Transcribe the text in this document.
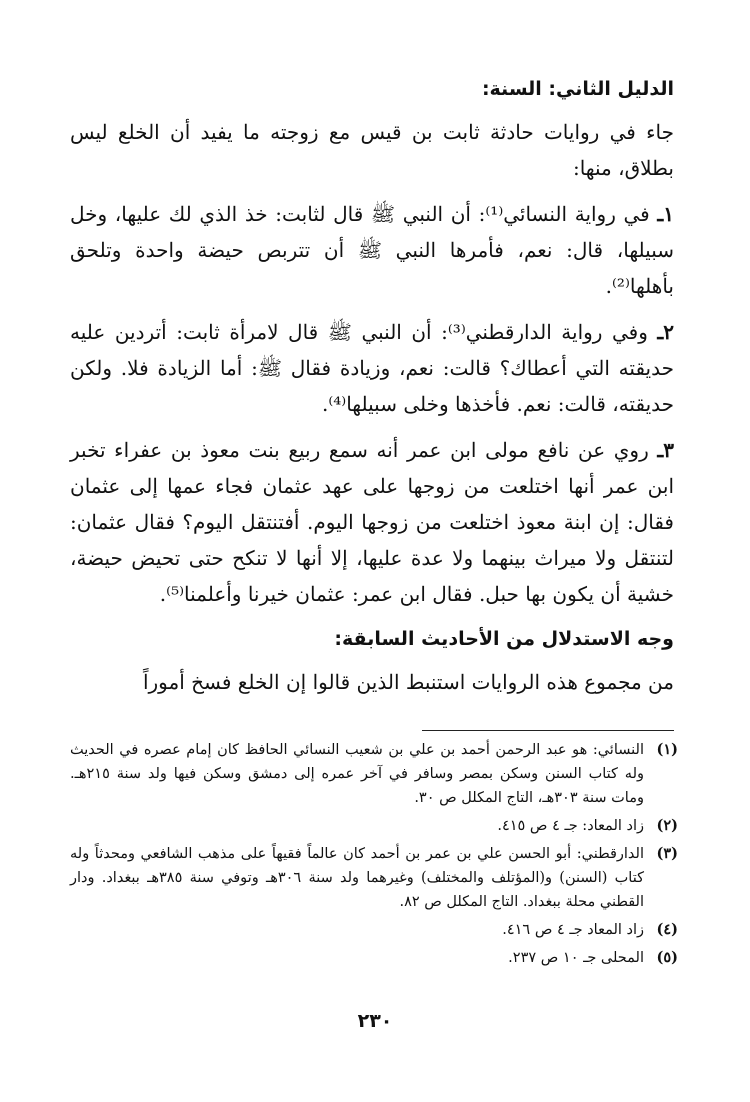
الدليل الثاني: السنة:

جاء في روايات حادثة ثابت بن قيس مع زوجته ما يفيد أن الخلع ليس بطلاق، منها:

١ـ في رواية النسائي⁽¹⁾: أن النبي ﷺ قال لثابت: خذ الذي لك عليها، وخل سبيلها، قال: نعم، فأمرها النبي ﷺ أن تتربص حيضة واحدة وتلحق بأهلها⁽²⁾.

٢ـ وفي رواية الدارقطني⁽³⁾: أن النبي ﷺ قال لامرأة ثابت: أتردين عليه حديقته التي أعطاك؟ قالت: نعم، وزيادة فقال ﷺ: أما الزيادة فلا. ولكن حديقته، قالت: نعم. فأخذها وخلى سبيلها⁽⁴⁾.

٣ـ روي عن نافع مولى ابن عمر أنه سمع ربيع بنت معوذ بن عفراء تخبر ابن عمر أنها اختلعت من زوجها على عهد عثمان فجاء عمها إلى عثمان فقال: إن ابنة معوذ اختلعت من زوجها اليوم. أفتنتقل اليوم؟ فقال عثمان: لتنتقل ولا ميراث بينهما ولا عدة عليها، إلا أنها لا تنكح حتى تحيض حيضة، خشية أن يكون بها حبل. فقال ابن عمر: عثمان خيرنا وأعلمنا⁽⁵⁾.

وجه الاستدلال من الأحاديث السابقة:

من مجموع هذه الروايات استنبط الذين قالوا إن الخلع فسخ أموراً

(١)
النسائي: هو عبد الرحمن أحمد بن علي بن شعيب النسائي الحافظ كان إمام عصره في الحديث وله كتاب السنن وسكن بمصر وسافر في آخر عمره إلى دمشق وسكن فيها ولد سنة ٢١٥هـ. ومات سنة ٣٠٣هـ، التاج المكلل ص ٣٠.
(٢)
زاد المعاد: جـ ٤ ص ٤١٥.
(٣)
الدارقطني: أبو الحسن علي بن عمر بن أحمد كان عالماً فقيهاً على مذهب الشافعي ومحدثاً وله كتاب (السنن) و(المؤتلف والمختلف) وغيرهما ولد سنة ٣٠٦هـ وتوفي سنة ٣٨٥هـ ببغداد. ودار القطني محلة ببغداد. التاج المكلل ص ٨٢.
(٤)
زاد المعاد جـ ٤ ص ٤١٦.
(٥)
المحلى جـ ١٠ ص ٢٣٧.
٢٣٠
